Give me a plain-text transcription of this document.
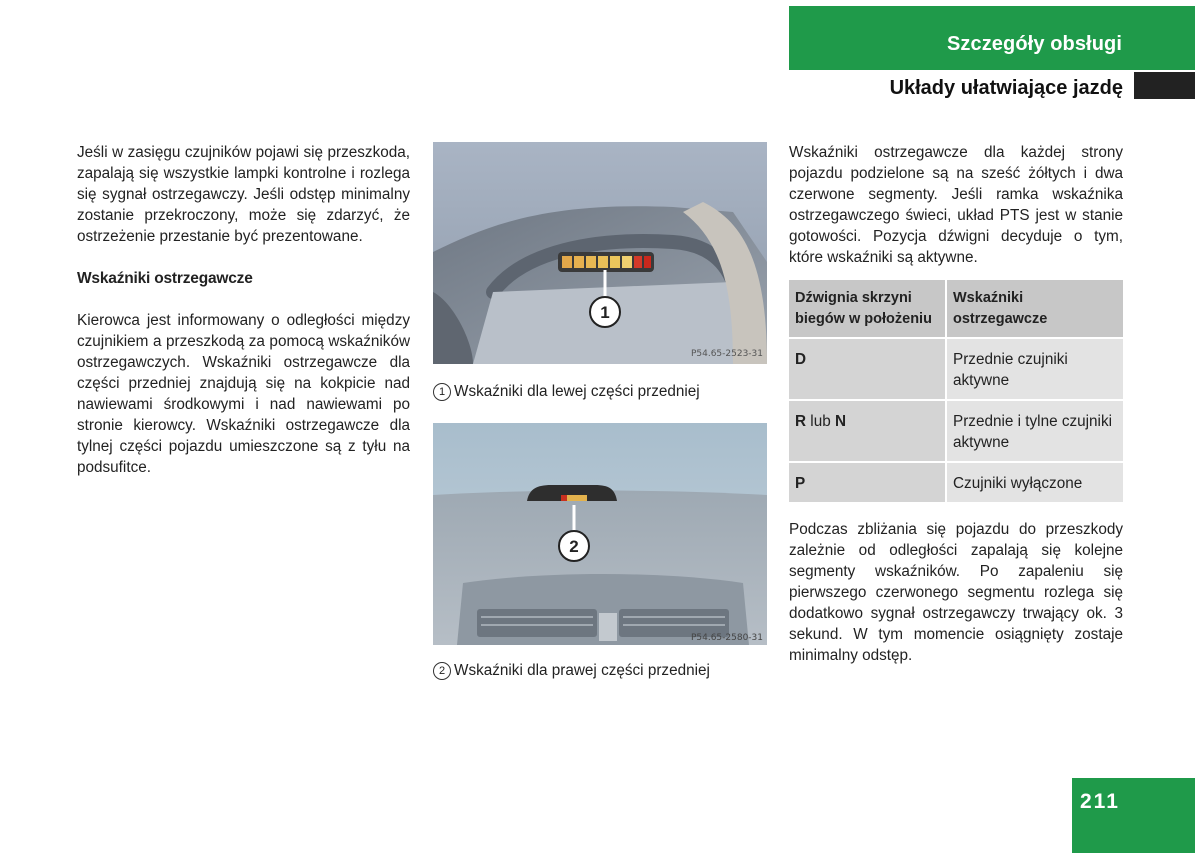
Szczegóły obsługi
Układy ułatwiające jazdę

Jeśli w zasięgu czujników pojawi się przeszkoda, zapalają się wszystkie lampki kontrolne i rozlega się sygnał ostrzegawczy. Jeśli odstęp minimalny zostanie przekroczony, może się zdarzyć, że ostrzeżenie przestanie być prezentowane.

Wskaźniki ostrzegawcze

Kierowca jest informowany o odległości między czujnikiem a przeszkodą za pomocą wskaźników ostrzegawczych. Wskaźniki ostrzegawcze dla części przedniej znajdują się na kokpicie nad nawiewami środkowymi i nad nawiewami po stronie kierowcy. Wskaźniki ostrzegawcze dla tylnej części pojazdu umieszczone są z tyłu na podsufitce.

1
P54.65-2523-31
1 Wskaźniki dla lewej części przedniej
2
P54.65-2580-31
2 Wskaźniki dla prawej części przedniej

Wskaźniki ostrzegawcze dla każdej strony pojazdu podzielone są na sześć żółtych i dwa czerwone segmenty. Jeśli ramka wskaźnika ostrzegawczego świeci, układ PTS jest w stanie gotowości. Pozycja dźwigni decyduje o tym, które wskaźniki są aktywne.

Dźwignia skrzyni biegów w położeniu	Wskaźniki ostrzegawcze
D	Przednie czujniki aktywne
R lub N	Przednie i tylne czujniki aktywne
P	Czujniki wyłączone

Podczas zbliżania się pojazdu do przeszkody zależnie od odległości zapalają się kolejne segmenty wskaźników. Po zapaleniu się pierwszego czerwonego segmentu rozlega się dodatkowo sygnał ostrzegawczy trwający ok. 3 sekund. W tym momencie osiągnięty zostaje minimalny odstęp.

211
